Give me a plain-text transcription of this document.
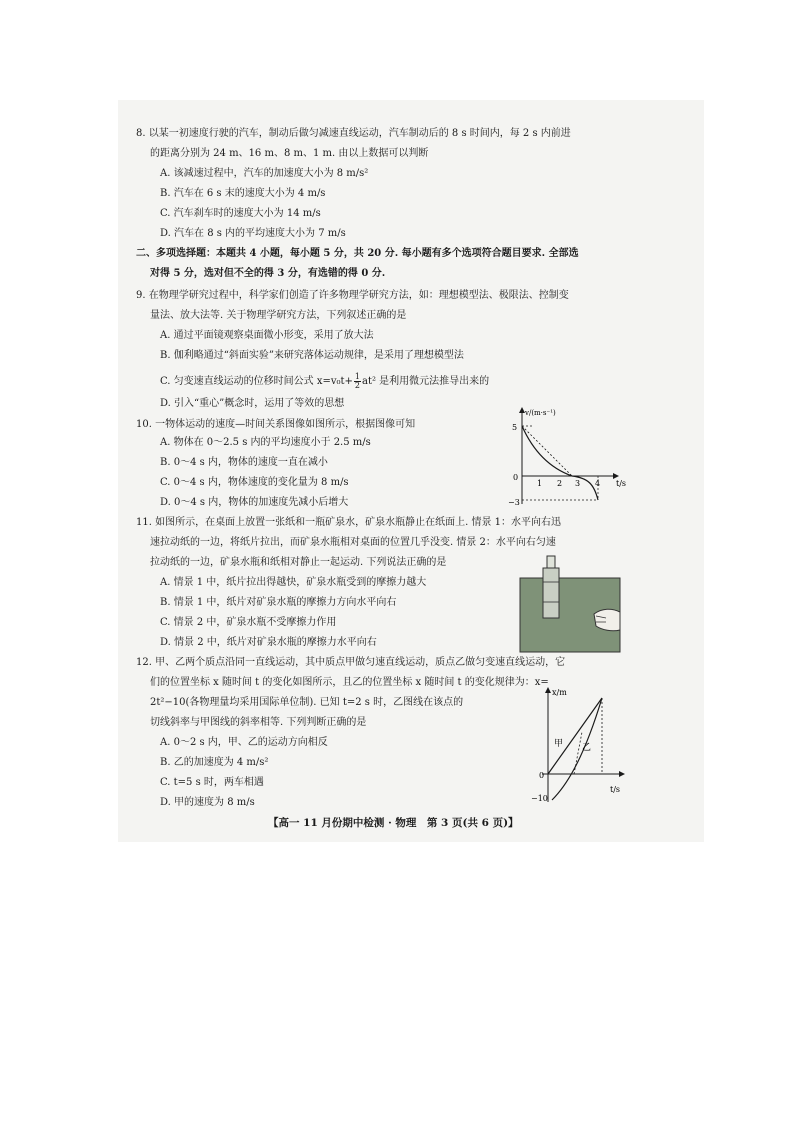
8. 以某一初速度行驶的汽车，制动后做匀减速直线运动，汽车制动后的 8 s 时间内，每 2 s 内前进
的距离分别为 24 m、16 m、8 m、1 m. 由以上数据可以判断
A. 该减速过程中，汽车的加速度大小为 8 m/s²
B. 汽车在 6 s 末的速度大小为 4 m/s
C. 汽车刹车时的速度大小为 14 m/s
D. 汽车在 8 s 内的平均速度大小为 7 m/s
二、多项选择题：本题共 4 小题，每小题 5 分，共 20 分. 每小题有多个选项符合题目要求. 全部选
对得 5 分，选对但不全的得 3 分，有选错的得 0 分.
9. 在物理学研究过程中，科学家们创造了许多物理学研究方法，如：理想模型法、极限法、控制变
量法、放大法等. 关于物理学研究方法，下列叙述正确的是
A. 通过平面镜观察桌面微小形变，采用了放大法
B. 伽利略通过“斜面实验”来研究落体运动规律，是采用了理想模型法
C. 匀变速直线运动的位移时间公式 $x=v_0t+ \frac{1}{2} at^2$ 是利用微元法推导出来的
D. 引入“重心”概念时，运用了等效的思想
10. 一物体运动的速度—时间关系图像如图所示，根据图像可知
A. 物体在 0～2.5 s 内的平均速度小于 2.5 m/s
B. 0～4 s 内，物体的速度一直在减小
C. 0～4 s 内，物体速度的变化量为 8 m/s
D. 0～4 s 内，物体的加速度先减小后增大
v/(m·s⁻¹)
t/s
5
0
−3
1 2 3 4
11. 如图所示，在桌面上放置一张纸和一瓶矿泉水，矿泉水瓶静止在纸面上. 情景 1：水平向右迅
速拉动纸的一边，将纸片拉出，而矿泉水瓶相对桌面的位置几乎没变. 情景 2：水平向右匀速
拉动纸的一边，矿泉水瓶和纸相对静止一起运动. 下列说法正确的是
A. 情景 1 中，纸片拉出得越快，矿泉水瓶受到的摩擦力越大
B. 情景 1 中，纸片对矿泉水瓶的摩擦力方向水平向右
C. 情景 2 中，矿泉水瓶不受摩擦力作用
D. 情景 2 中，纸片对矿泉水瓶的摩擦力水平向右
12. 甲、乙两个质点沿同一直线运动，其中质点甲做匀速直线运动，质点乙做匀变速直线运动，它
们的位置坐标 x 随时间 t 的变化如图所示，且乙的位置坐标 x 随时间 t 的变化规律为：x=
2t²−10(各物理量均采用国际单位制). 已知 t=2 s 时，乙图线在该点的
切线斜率与甲图线的斜率相等. 下列判断正确的是
A. 0～2 s 内，甲、乙的运动方向相反
B. 乙的加速度为 4 m/s²
C. t=5 s 时，两车相遇
D. 甲的速度为 8 m/s
x/m
t/s
0
−10
甲 乙
【高一 11 月份期中检测 · 物理　第 3 页(共 6 页)】
